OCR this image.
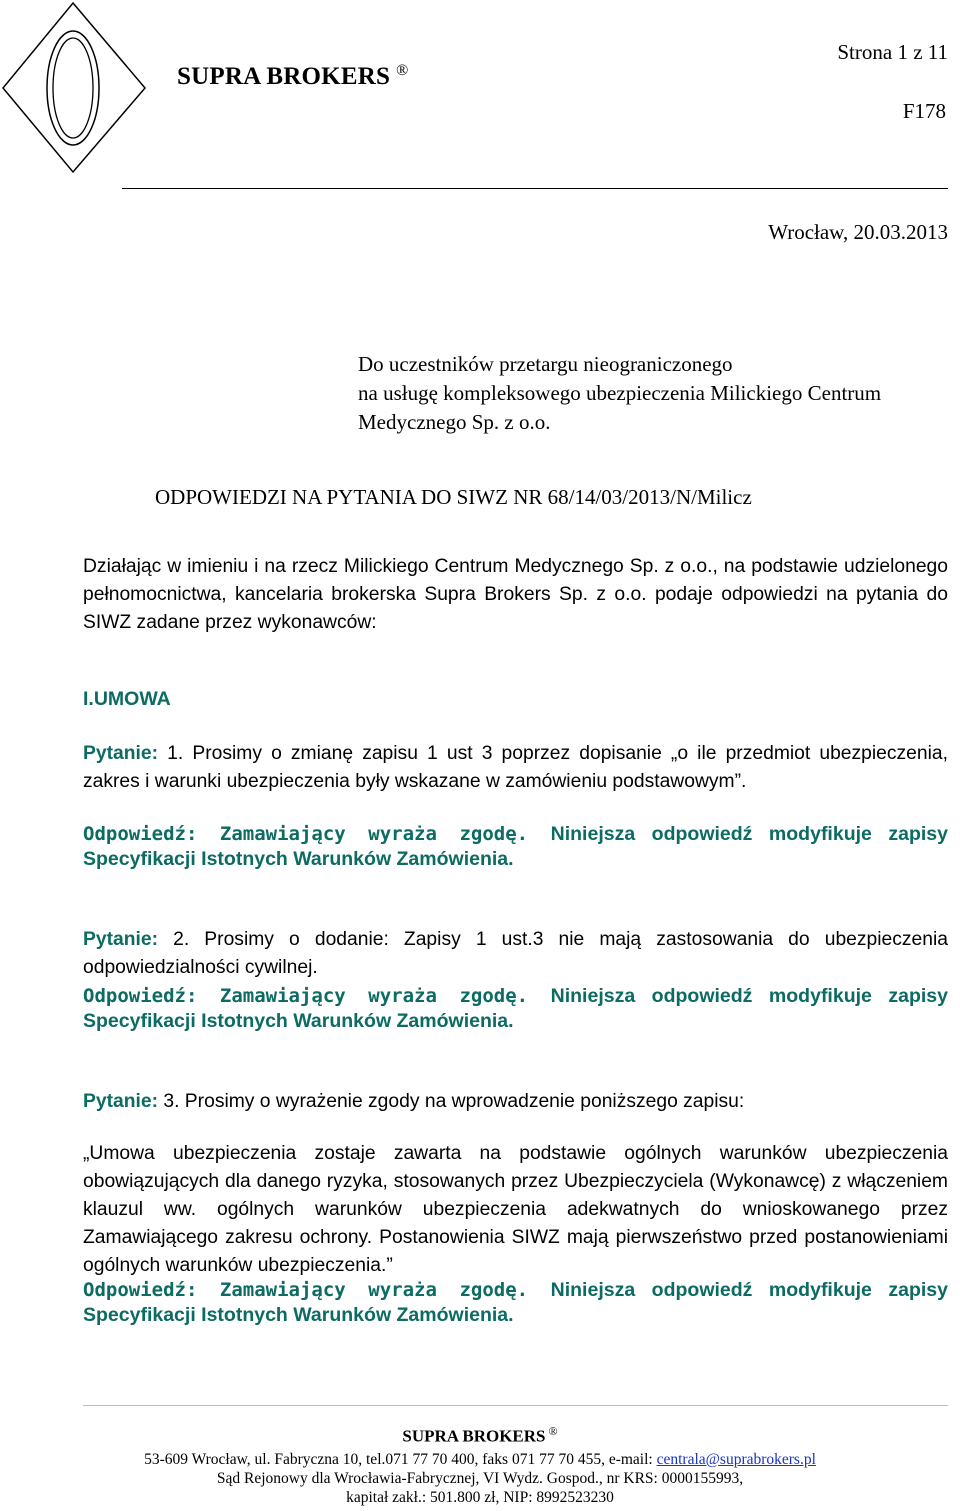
SUPRA BROKERS ®
Strona 1 z 11
F178
Wrocław, 20.03.2013
Do uczestników przetargu nieograniczonego
na usługę kompleksowego ubezpieczenia Milickiego Centrum
Medycznego Sp. z o.o.
ODPOWIEDZI NA PYTANIA DO SIWZ NR 68/14/03/2013/N/Milicz
Działając w imieniu i na rzecz Milickiego Centrum Medycznego Sp. z o.o., na podstawie udzielonego pełnomocnictwa, kancelaria brokerska Supra Brokers Sp. z o.o. podaje odpowiedzi na pytania do SIWZ zadane przez wykonawców:
I.UMOWA
Pytanie: 1. Prosimy o zmianę zapisu 1 ust 3 poprzez dopisanie „o ile przedmiot ubezpieczenia, zakres i warunki ubezpieczenia były wskazane w zamówieniu podstawowym”.
Odpowiedź: Zamawiający wyraża zgodę. Niniejsza odpowiedź modyfikuje zapisy
Specyfikacji Istotnych Warunków Zamówienia.
Pytanie: 2. Prosimy o dodanie: Zapisy 1 ust.3 nie mają zastosowania do ubezpieczenia odpowiedzialności cywilnej.
Odpowiedź: Zamawiający wyraża zgodę. Niniejsza odpowiedź modyfikuje zapisy
Specyfikacji Istotnych Warunków Zamówienia.
Pytanie: 3. Prosimy o wyrażenie zgody na wprowadzenie poniższego zapisu:
„Umowa ubezpieczenia zostaje zawarta na podstawie ogólnych warunków ubezpieczenia obowiązujących dla danego ryzyka, stosowanych przez Ubezpieczyciela (Wykonawcę) z włączeniem klauzul ww. ogólnych warunków ubezpieczenia adekwatnych do wnioskowanego przez Zamawiającego zakresu ochrony. Postanowienia SIWZ mają pierwszeństwo przed postanowieniami ogólnych warunków ubezpieczenia.”
Odpowiedź: Zamawiający wyraża zgodę. Niniejsza odpowiedź modyfikuje zapisy
Specyfikacji Istotnych Warunków Zamówienia.
SUPRA BROKERS ®
53-609 Wrocław, ul. Fabryczna 10, tel.071 77 70 400, faks 071 77 70 455, e-mail: centrala@suprabrokers.pl
Sąd Rejonowy dla Wrocławia-Fabrycznej, VI Wydz. Gospod., nr KRS: 0000155993,
kapitał zakł.: 501.800 zł, NIP: 8992523230
